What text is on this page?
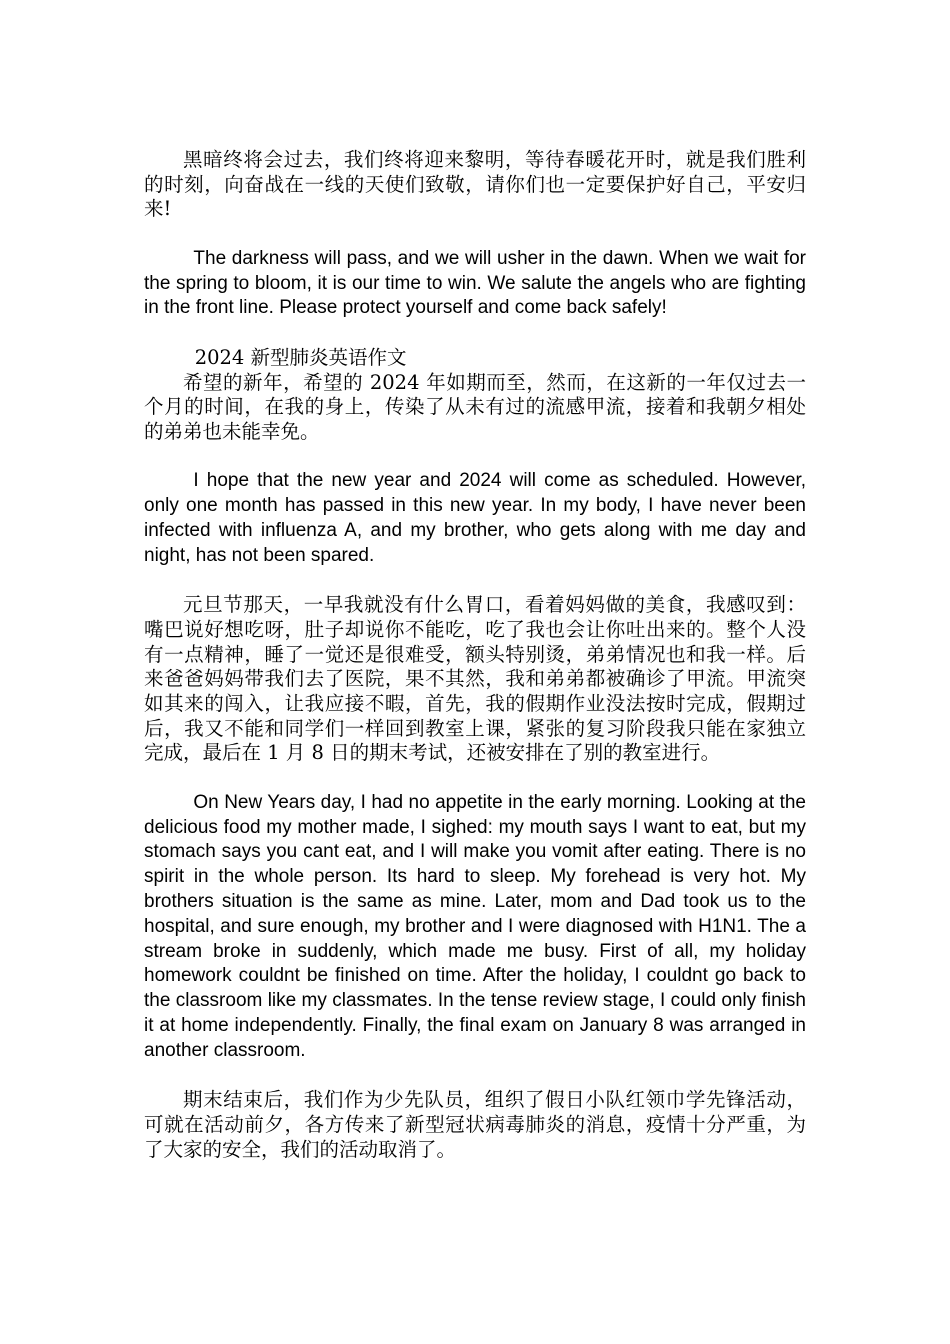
黑暗终将会过去，我们终将迎来黎明，等待春暖花开时，就是我们胜利的时刻，向奋战在一线的天使们致敬，请你们也一定要保护好自己，平安归来!

The darkness will pass, and we will usher in the dawn. When we wait for the spring to bloom, it is our time to win. We salute the angels who are fighting in the front line. Please protect yourself and come back safely!

2024 新型肺炎英语作文

希望的新年，希望的 2024 年如期而至，然而，在这新的一年仅过去一个月的时间，在我的身上，传染了从未有过的流感甲流，接着和我朝夕相处的弟弟也未能幸免。

I hope that the new year and 2024 will come as scheduled. However, only one month has passed in this new year. In my body, I have never been infected with influenza A, and my brother, who gets along with me day and night, has not been spared.

元旦节那天，一早我就没有什么胃口，看着妈妈做的美食，我感叹到：嘴巴说好想吃呀，肚子却说你不能吃，吃了我也会让你吐出来的。整个人没有一点精神，睡了一觉还是很难受，额头特别烫，弟弟情况也和我一样。后来爸爸妈妈带我们去了医院，果不其然，我和弟弟都被确诊了甲流。甲流突如其来的闯入，让我应接不暇，首先，我的假期作业没法按时完成，假期过后，我又不能和同学们一样回到教室上课，紧张的复习阶段我只能在家独立完成，最后在 1 月 8 日的期末考试，还被安排在了别的教室进行。

On New Years day, I had no appetite in the early morning. Looking at the delicious food my mother made, I sighed: my mouth says I want to eat, but my stomach says you cant eat, and I will make you vomit after eating. There is no spirit in the whole person. Its hard to sleep. My forehead is very hot. My brothers situation is the same as mine. Later, mom and Dad took us to the hospital, and sure enough, my brother and I were diagnosed with H1N1. The a stream broke in suddenly, which made me busy. First of all, my holiday homework couldnt be finished on time. After the holiday, I couldnt go back to the classroom like my classmates. In the tense review stage, I could only finish it at home independently. Finally, the final exam on January 8 was arranged in another classroom.

期末结束后，我们作为少先队员，组织了假日小队红领巾学先锋活动，可就在活动前夕，各方传来了新型冠状病毒肺炎的消息，疫情十分严重，为了大家的安全，我们的活动取消了。
